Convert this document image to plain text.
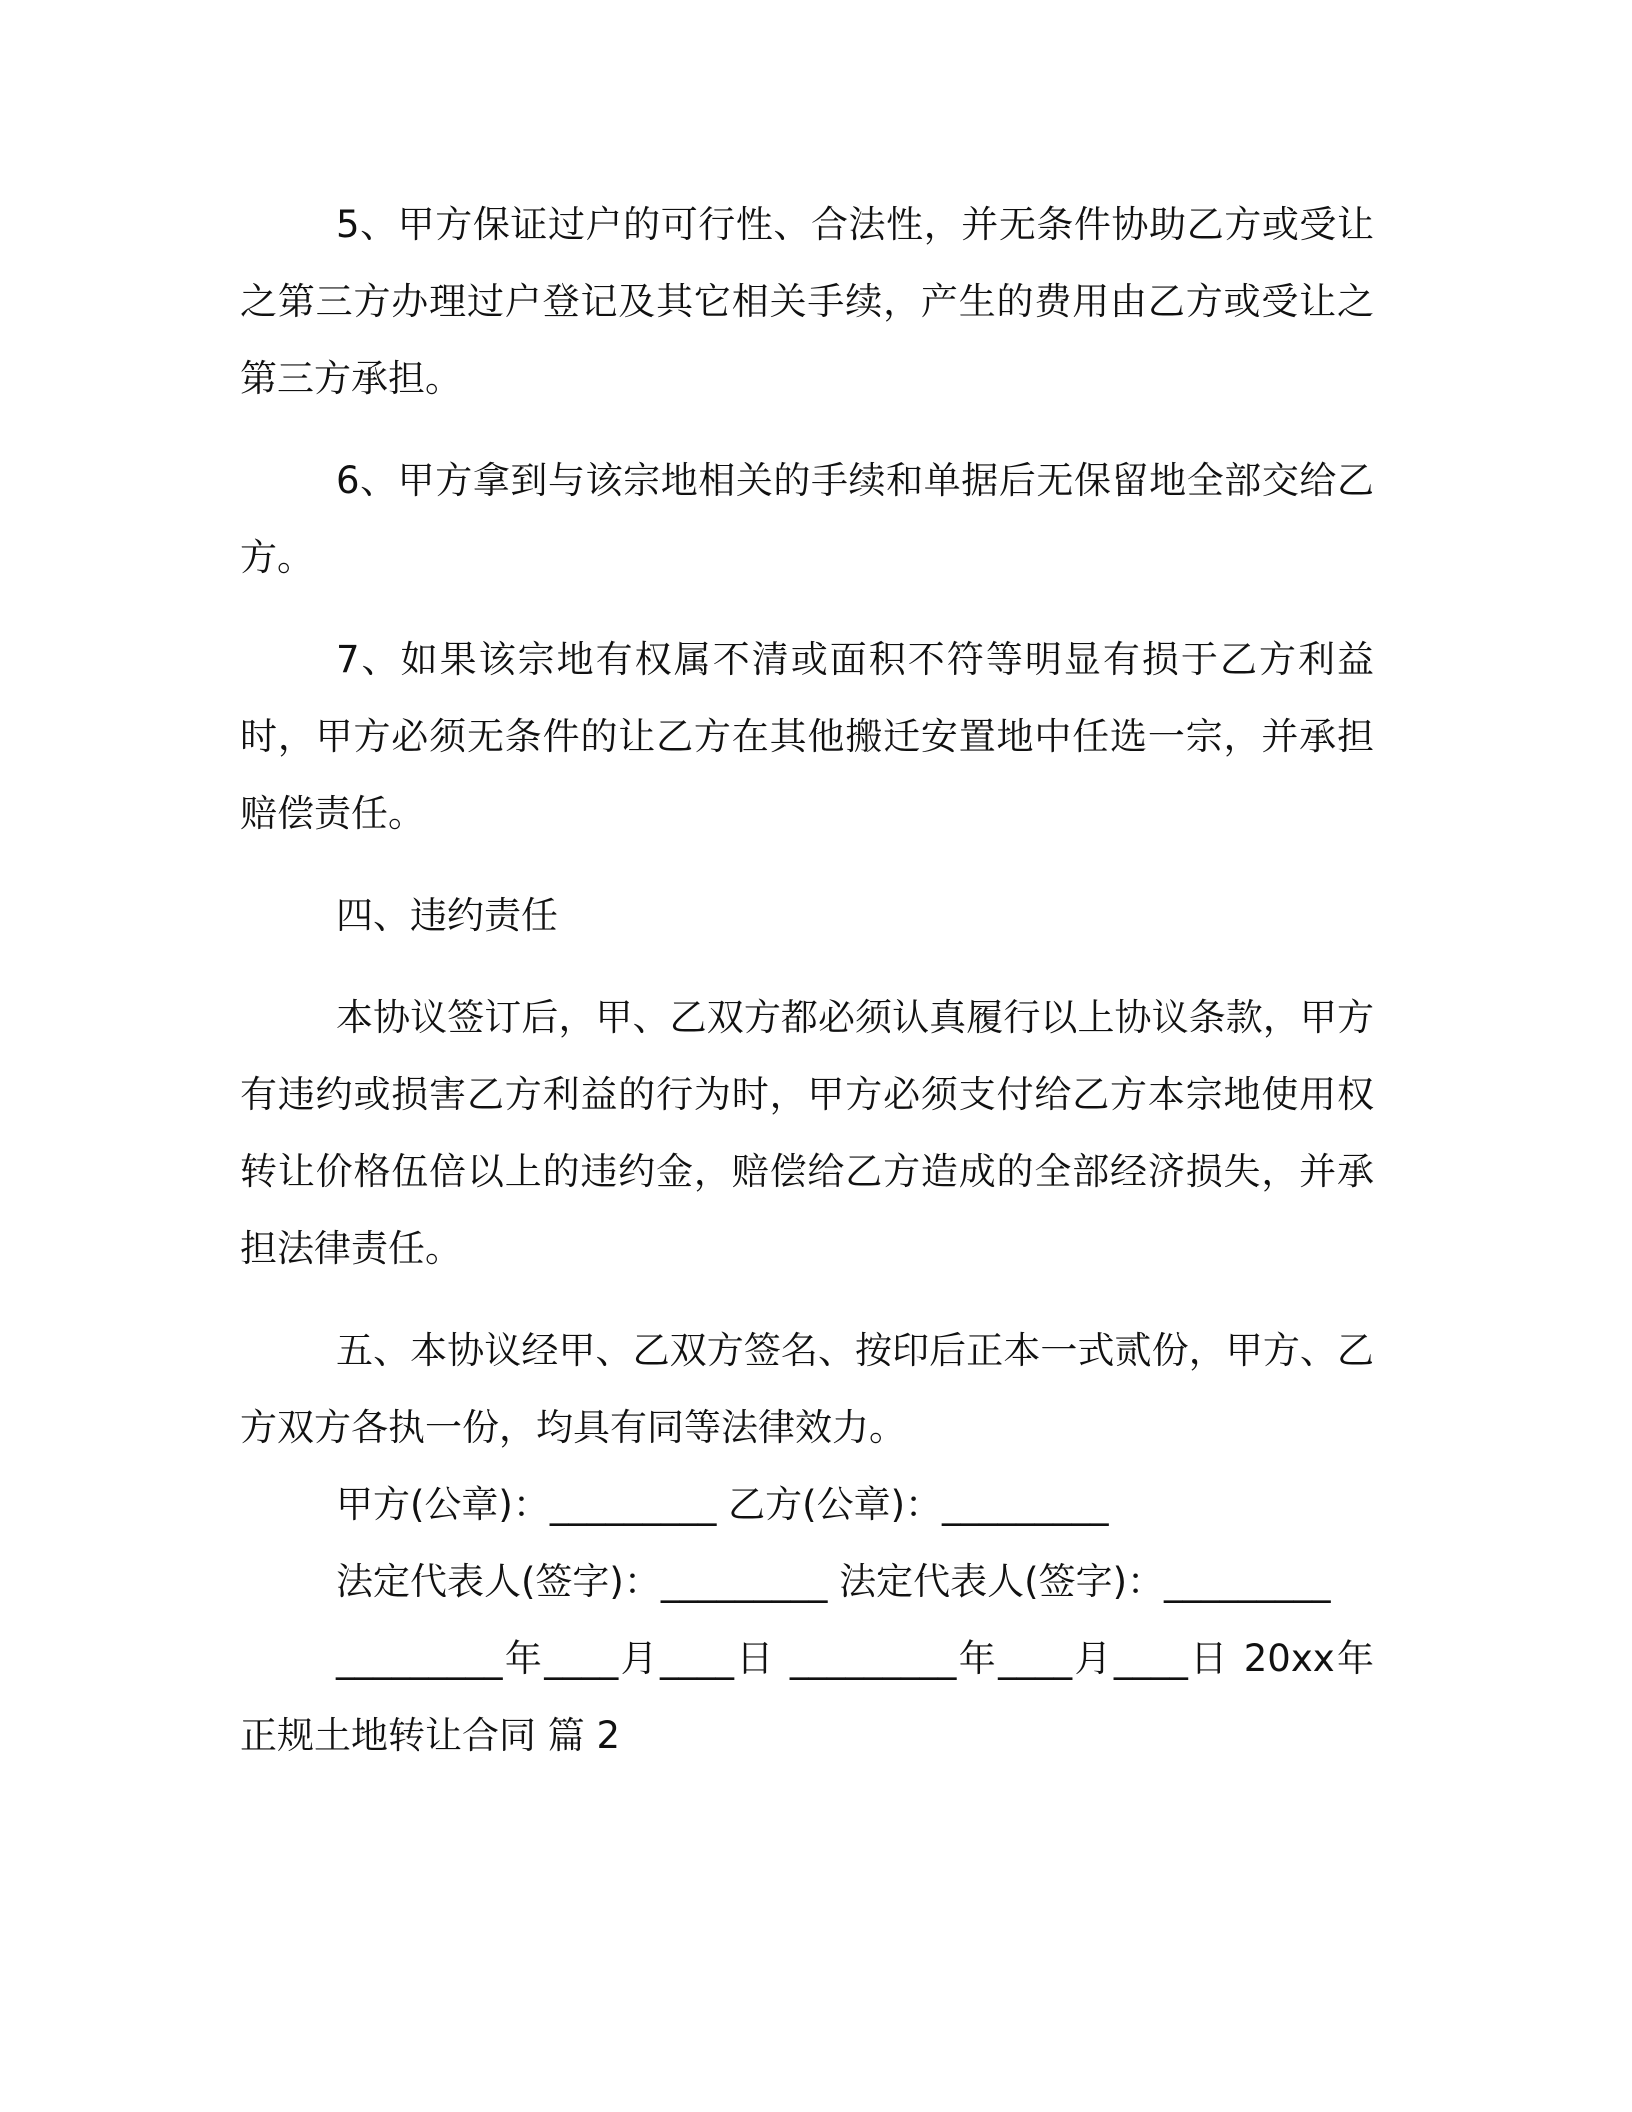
5、甲方保证过户的可行性、合法性，并无条件协助乙方或受让之第三方办理过户登记及其它相关手续，产生的费用由乙方或受让之第三方承担。

6、甲方拿到与该宗地相关的手续和单据后无保留地全部交给乙方。

7、如果该宗地有权属不清或面积不符等明显有损于乙方利益时，甲方必须无条件的让乙方在其他搬迁安置地中任选一宗，并承担赔偿责任。

四、违约责任

本协议签订后，甲、乙双方都必须认真履行以上协议条款，甲方有违约或损害乙方利益的行为时，甲方必须支付给乙方本宗地使用权转让价格伍倍以上的违约金，赔偿给乙方造成的全部经济损失，并承担法律责任。

五、本协议经甲、乙双方签名、按印后正本一式贰份，甲方、乙方双方各执一份，均具有同等法律效力。

甲方(公章)：_________ 乙方(公章)：_________

法定代表人(签字)：_________ 法定代表人(签字)：_________

_________年____月____日 _________年____月____日 20xx年正规土地转让合同 篇 2
